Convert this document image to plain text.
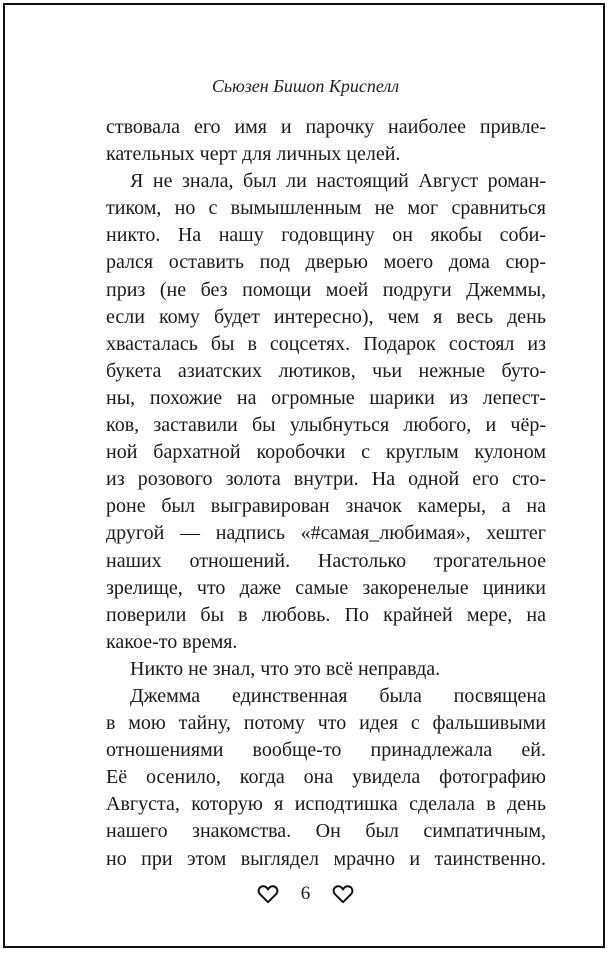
Сьюзен Бишоп Криспелл
ствовала его имя и парочку наиболее привле-
кательных черт для личных целей.
Я не знала, был ли настоящий Август роман-
тиком, но с вымышленным не мог сравниться
никто. На нашу годовщину он якобы соби-
рался оставить под дверью моего дома сюр-
приз (не без помощи моей подруги Джеммы,
если кому будет интересно), чем я весь день
хвасталась бы в соцсетях. Подарок состоял из
букета азиатских лютиков, чьи нежные буто-
ны, похожие на огромные шарики из лепест-
ков, заставили бы улыбнуться любого, и чёр-
ной бархатной коробочки с круглым кулоном
из розового золота внутри. На одной его сто-
роне был выгравирован значок камеры, а на
другой — надпись «#самая_любимая», хештег
наших отношений. Настолько трогательное
зрелище, что даже самые закоренелые циники
поверили бы в любовь. По крайней мере, на
какое-то время.
Никто не знал, что это всё неправда.
Джемма единственная была посвящена
в мою тайну, потому что идея с фальшивыми
отношениями вообще-то принадлежала ей.
Её осенило, когда она увидела фотографию
Августа, которую я исподтишка сделала в день
нашего знакомства. Он был симпатичным,
но при этом выглядел мрачно и таинственно.
6
